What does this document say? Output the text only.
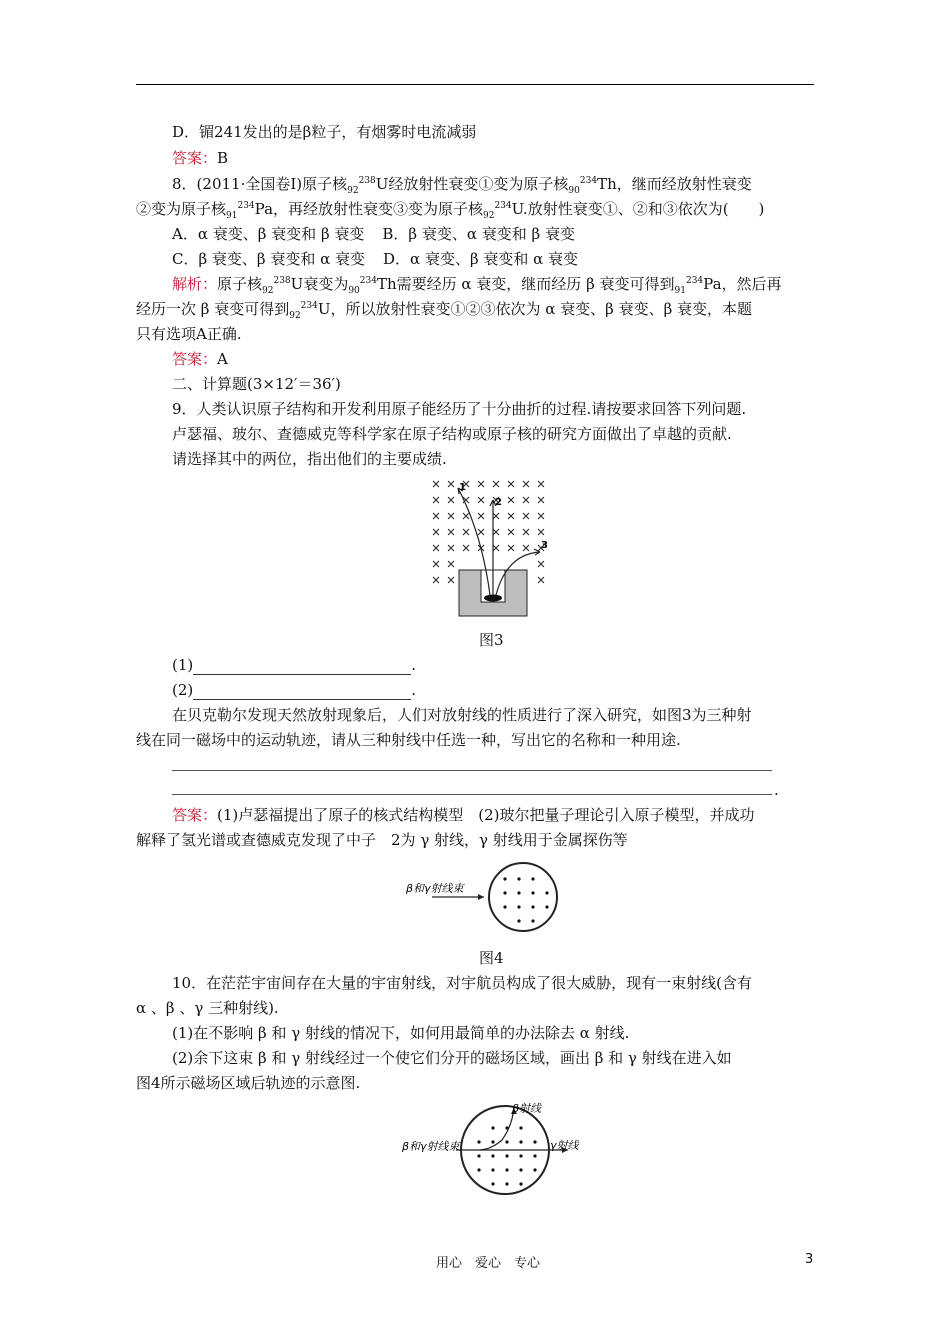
D．镅241发出的是β粒子，有烟雾时电流减弱
答案：B
8．(2011·全国卷Ⅰ)原子核$_{92}^{238}$U经放射性衰变①变为原子核$_{90}^{234}$Th，继而经放射性衰变
②变为原子核$_{91}^{234}$Pa，再经放射性衰变③变为原子核$_{92}^{234}$U.放射性衰变①、②和③依次为(　　)
A．α 衰变、β 衰变和 β 衰变 B．β 衰变、α 衰变和 β 衰变
C．β 衰变、β 衰变和 α 衰变 D．α 衰变、β 衰变和 α 衰变
解析：原子核$_{92}^{238}$U衰变为$_{90}^{234}$Th需要经历 α 衰变，继而经历 β 衰变可得到$_{91}^{234}$Pa，然后再
经历一次 β 衰变可得到$_{92}^{234}$U，所以放射性衰变①②③依次为 α 衰变、β 衰变、β 衰变，本题
只有选项A正确.
答案：A
二、计算题(3×12′＝36′)
9．人类认识原子结构和开发利用原子能经历了十分曲折的过程.请按要求回答下列问题.
卢瑟福、玻尔、查德威克等科学家在原子结构或原子核的研究方面做出了卓越的贡献.
请选择其中的两位，指出他们的主要成绩.
1
2
3
图3
(1)	.
(2)	.
在贝克勒尔发现天然放射现象后，人们对放射线的性质进行了深入研究，如图3为三种射
线在同一磁场中的运动轨迹，请从三种射线中任选一种，写出它的名称和一种用途.
.
答案：(1)卢瑟福提出了原子的核式结构模型　(2)玻尔把量子理论引入原子模型，并成功
解释了氢光谱或查德威克发现了中子　2为 γ 射线，γ 射线用于金属探伤等
β和γ射线束
图4
10．在茫茫宇宙间存在大量的宇宙射线，对宇航员构成了很大威胁，现有一束射线(含有
α 、β 、γ 三种射线).
(1)在不影响 β 和 γ 射线的情况下，如何用最简单的办法除去 α 射线.
(2)余下这束 β 和 γ 射线经过一个使它们分开的磁场区域，画出 β 和 γ 射线在进入如
图4所示磁场区域后轨迹的示意图.
β和γ射线束
β射线
γ射线
用心　爱心　专心	3
